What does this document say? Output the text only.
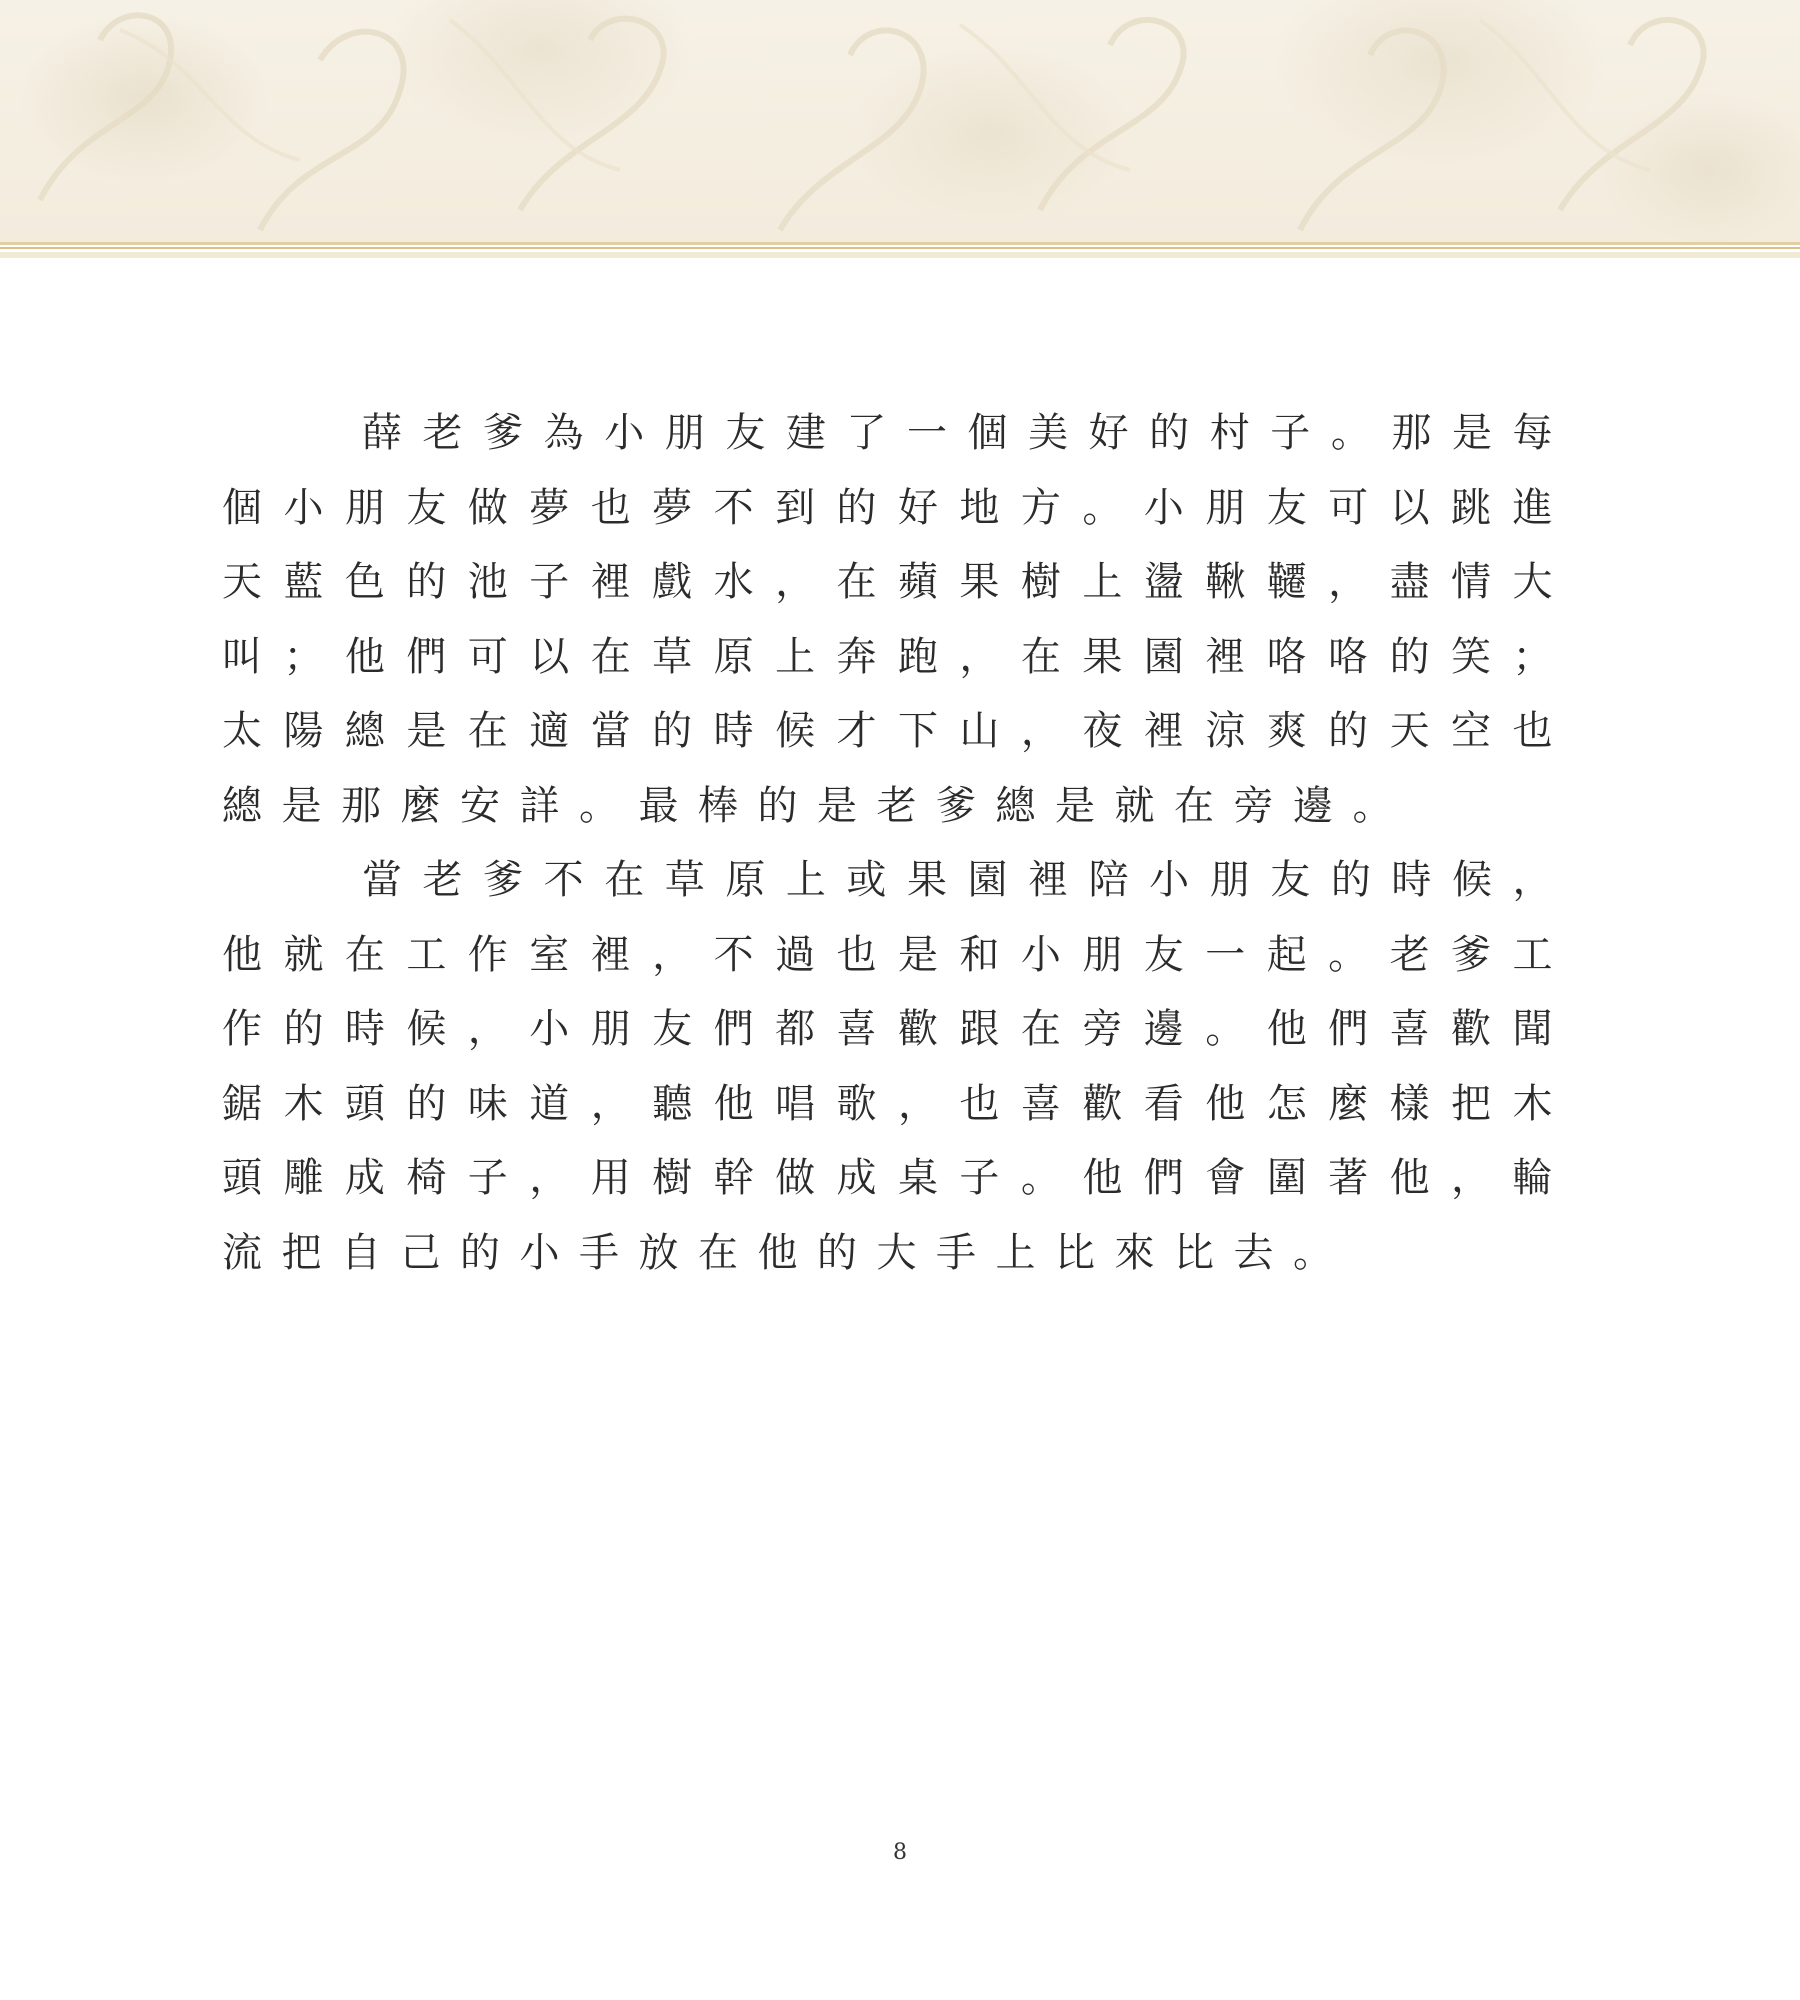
薛老爹為小朋友建了一個美好的村子。那是每個小朋友做夢也夢不到的好地方。小朋友可以跳進天藍色的池子裡戲水，在蘋果樹上盪鞦韆，盡情大叫；他們可以在草原上奔跑，在果園裡咯咯的笑；太陽總是在適當的時候才下山，夜裡涼爽的天空也總是那麼安詳。最棒的是老爹總是就在旁邊。

當老爹不在草原上或果園裡陪小朋友的時候，他就在工作室裡，不過也是和小朋友一起。老爹工作的時候，小朋友們都喜歡跟在旁邊。他們喜歡聞鋸木頭的味道，聽他唱歌，也喜歡看他怎麼樣把木頭雕成椅子，用樹幹做成桌子。他們會圍著他，輪流把自己的小手放在他的大手上比來比去。

8
